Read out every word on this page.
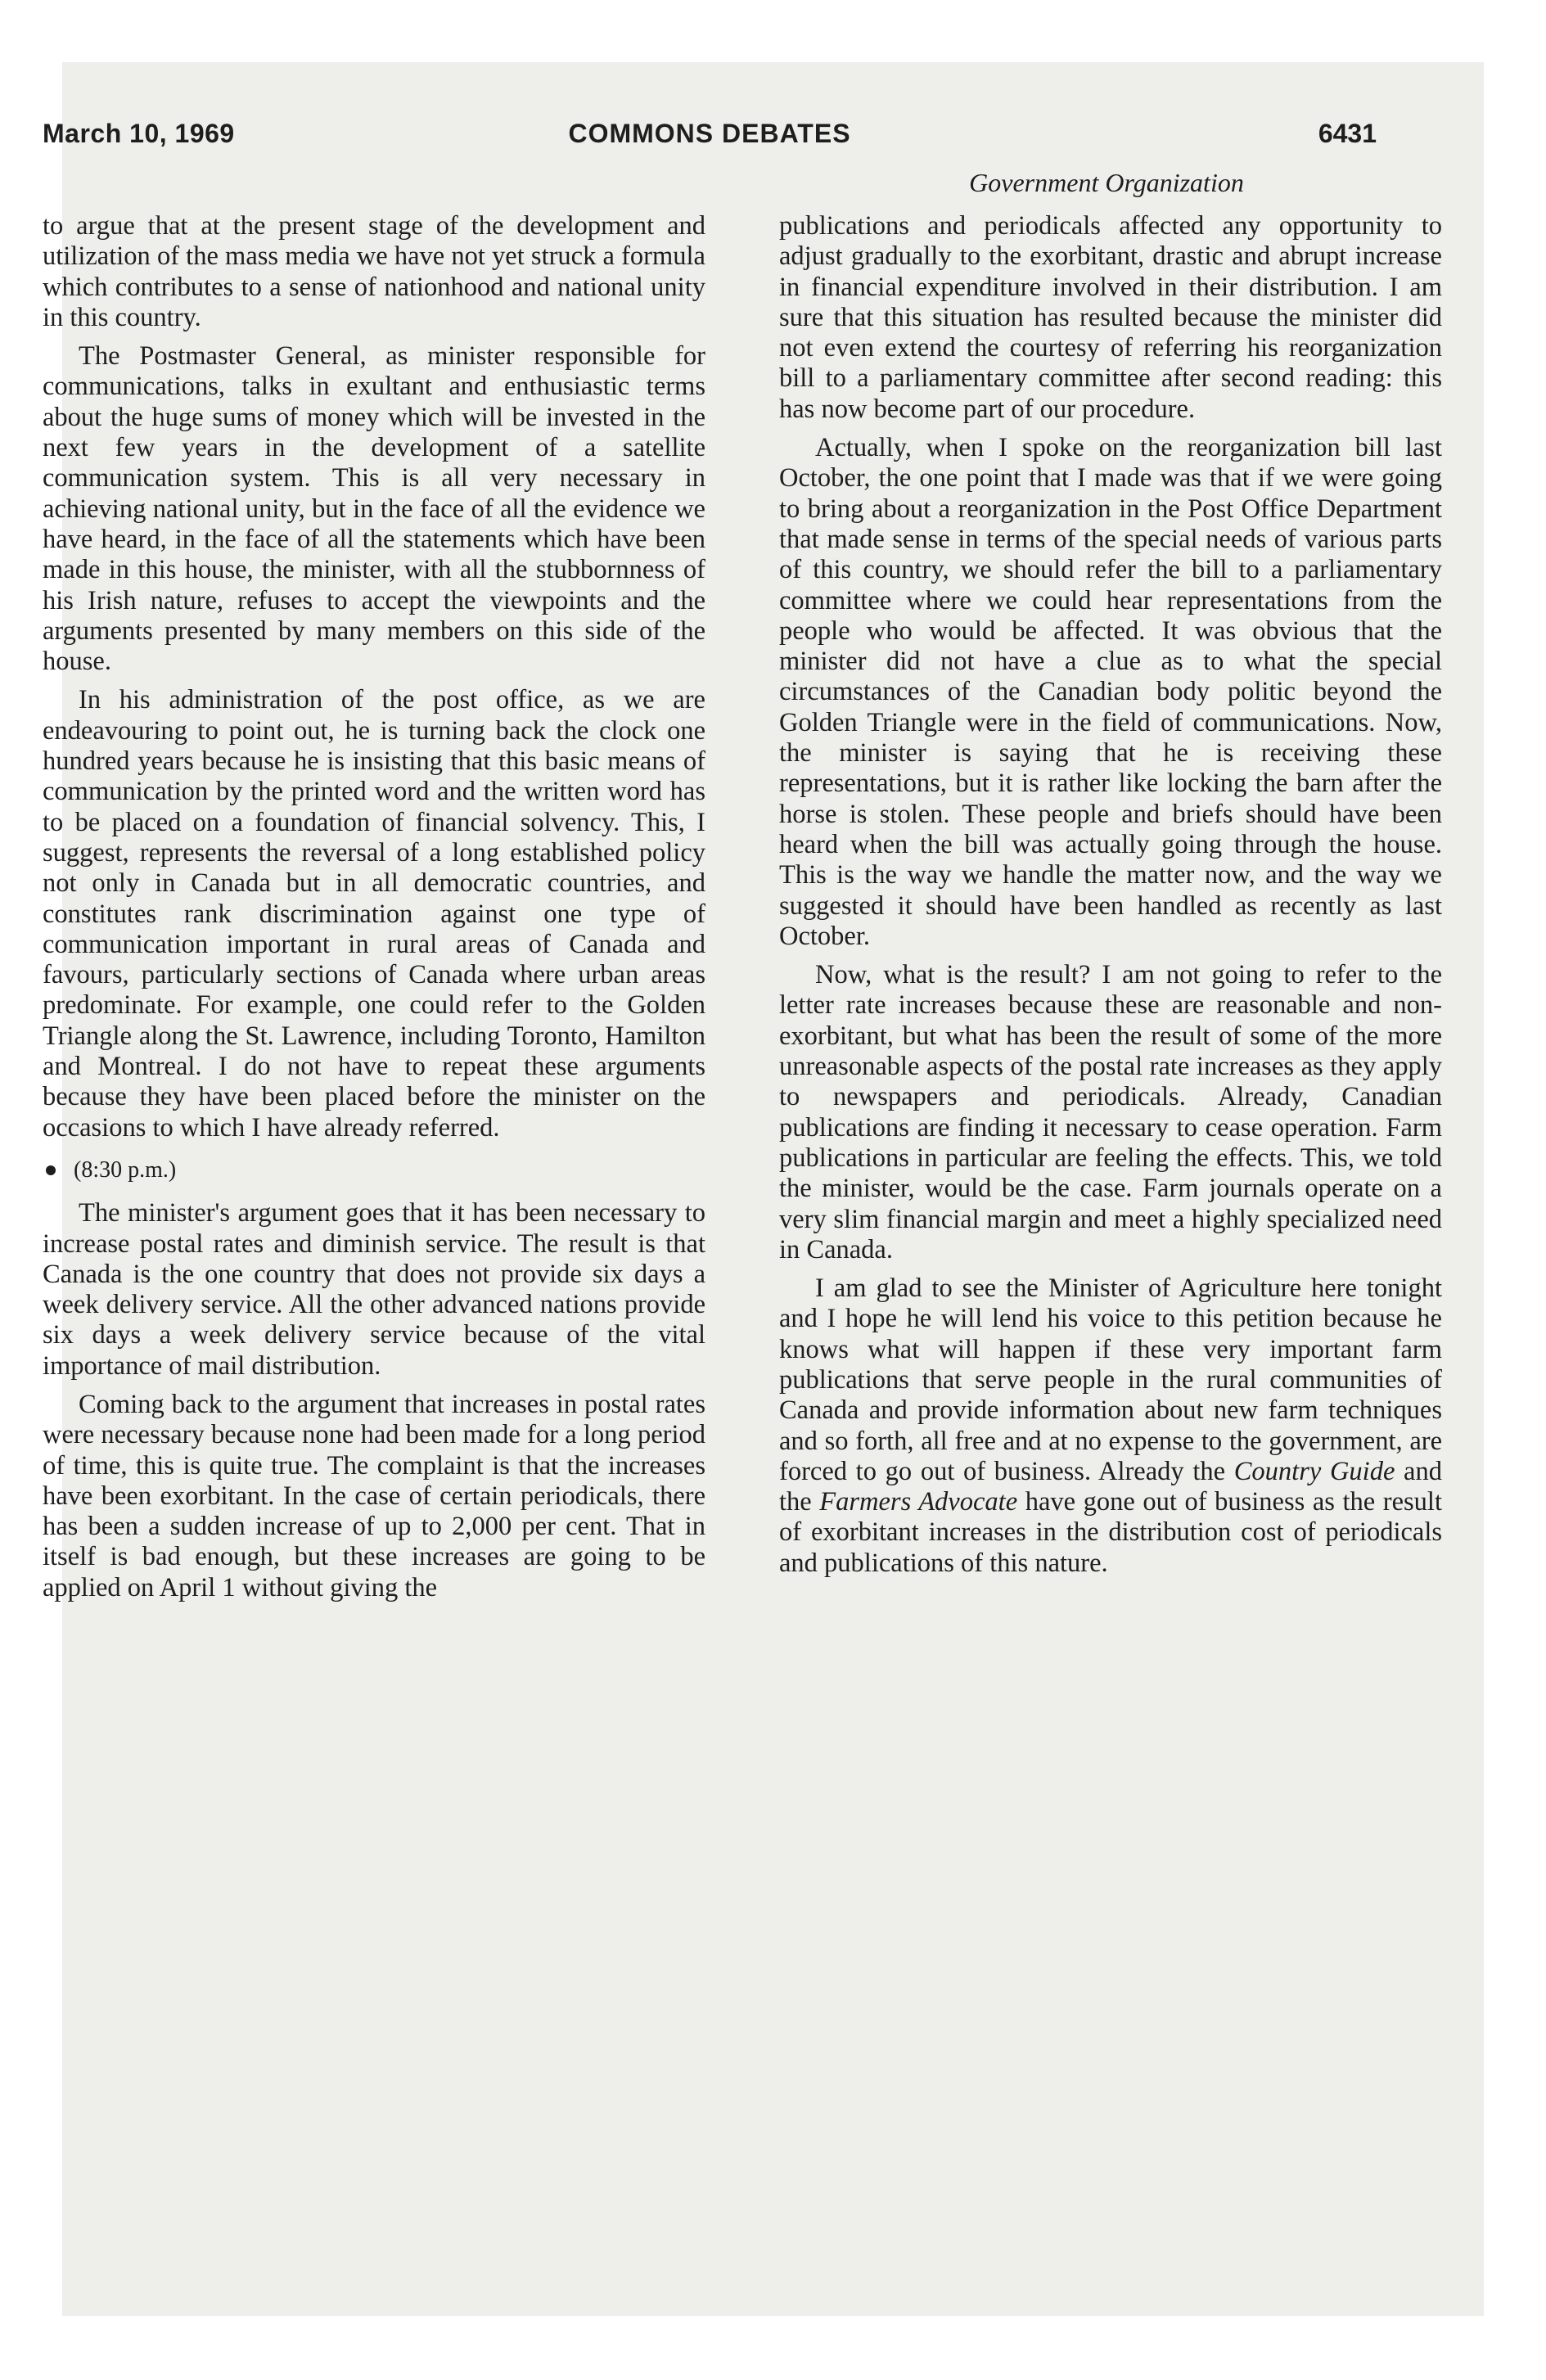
March 10, 1969	COMMONS DEBATES	6431
Government Organization

to argue that at the present stage of the development and utilization of the mass media we have not yet struck a formula which contributes to a sense of nationhood and national unity in this country.

The Postmaster General, as minister responsible for communications, talks in exultant and enthusiastic terms about the huge sums of money which will be invested in the next few years in the development of a satellite communication system. This is all very necessary in achieving national unity, but in the face of all the evidence we have heard, in the face of all the statements which have been made in this house, the minister, with all the stubbornness of his Irish nature, refuses to accept the viewpoints and the arguments presented by many members on this side of the house.

In his administration of the post office, as we are endeavouring to point out, he is turning back the clock one hundred years because he is insisting that this basic means of communication by the printed word and the written word has to be placed on a foundation of financial solvency. This, I suggest, represents the reversal of a long established policy not only in Canada but in all democratic countries, and constitutes rank discrimination against one type of communication important in rural areas of Canada and favours, particularly sections of Canada where urban areas predominate. For example, one could refer to the Golden Triangle along the St. Lawrence, including Toronto, Hamilton and Montreal. I do not have to repeat these arguments because they have been placed before the minister on the occasions to which I have already referred.

(8:30 p.m.)

The minister's argument goes that it has been necessary to increase postal rates and diminish service. The result is that Canada is the one country that does not provide six days a week delivery service. All the other advanced nations provide six days a week delivery service because of the vital importance of mail distribution.

Coming back to the argument that increases in postal rates were necessary because none had been made for a long period of time, this is quite true. The complaint is that the increases have been exorbitant. In the case of certain periodicals, there has been a sudden increase of up to 2,000 per cent. That in itself is bad enough, but these increases are going to be applied on April 1 without giving the

publications and periodicals affected any opportunity to adjust gradually to the exorbitant, drastic and abrupt increase in financial expenditure involved in their distribution. I am sure that this situation has resulted because the minister did not even extend the courtesy of referring his reorganization bill to a parliamentary committee after second reading: this has now become part of our procedure.

Actually, when I spoke on the reorganization bill last October, the one point that I made was that if we were going to bring about a reorganization in the Post Office Department that made sense in terms of the special needs of various parts of this country, we should refer the bill to a parliamentary committee where we could hear representations from the people who would be affected. It was obvious that the minister did not have a clue as to what the special circumstances of the Canadian body politic beyond the Golden Triangle were in the field of communications. Now, the minister is saying that he is receiving these representations, but it is rather like locking the barn after the horse is stolen. These people and briefs should have been heard when the bill was actually going through the house. This is the way we handle the matter now, and the way we suggested it should have been handled as recently as last October.

Now, what is the result? I am not going to refer to the letter rate increases because these are reasonable and non-exorbitant, but what has been the result of some of the more unreasonable aspects of the postal rate increases as they apply to newspapers and periodicals. Already, Canadian publications are finding it necessary to cease operation. Farm publications in particular are feeling the effects. This, we told the minister, would be the case. Farm journals operate on a very slim financial margin and meet a highly specialized need in Canada.

I am glad to see the Minister of Agriculture here tonight and I hope he will lend his voice to this petition because he knows what will happen if these very important farm publications that serve people in the rural communities of Canada and provide information about new farm techniques and so forth, all free and at no expense to the government, are forced to go out of business. Already the Country Guide and the Farmers Advocate have gone out of business as the result of exorbitant increases in the distribution cost of periodicals and publications of this nature.
